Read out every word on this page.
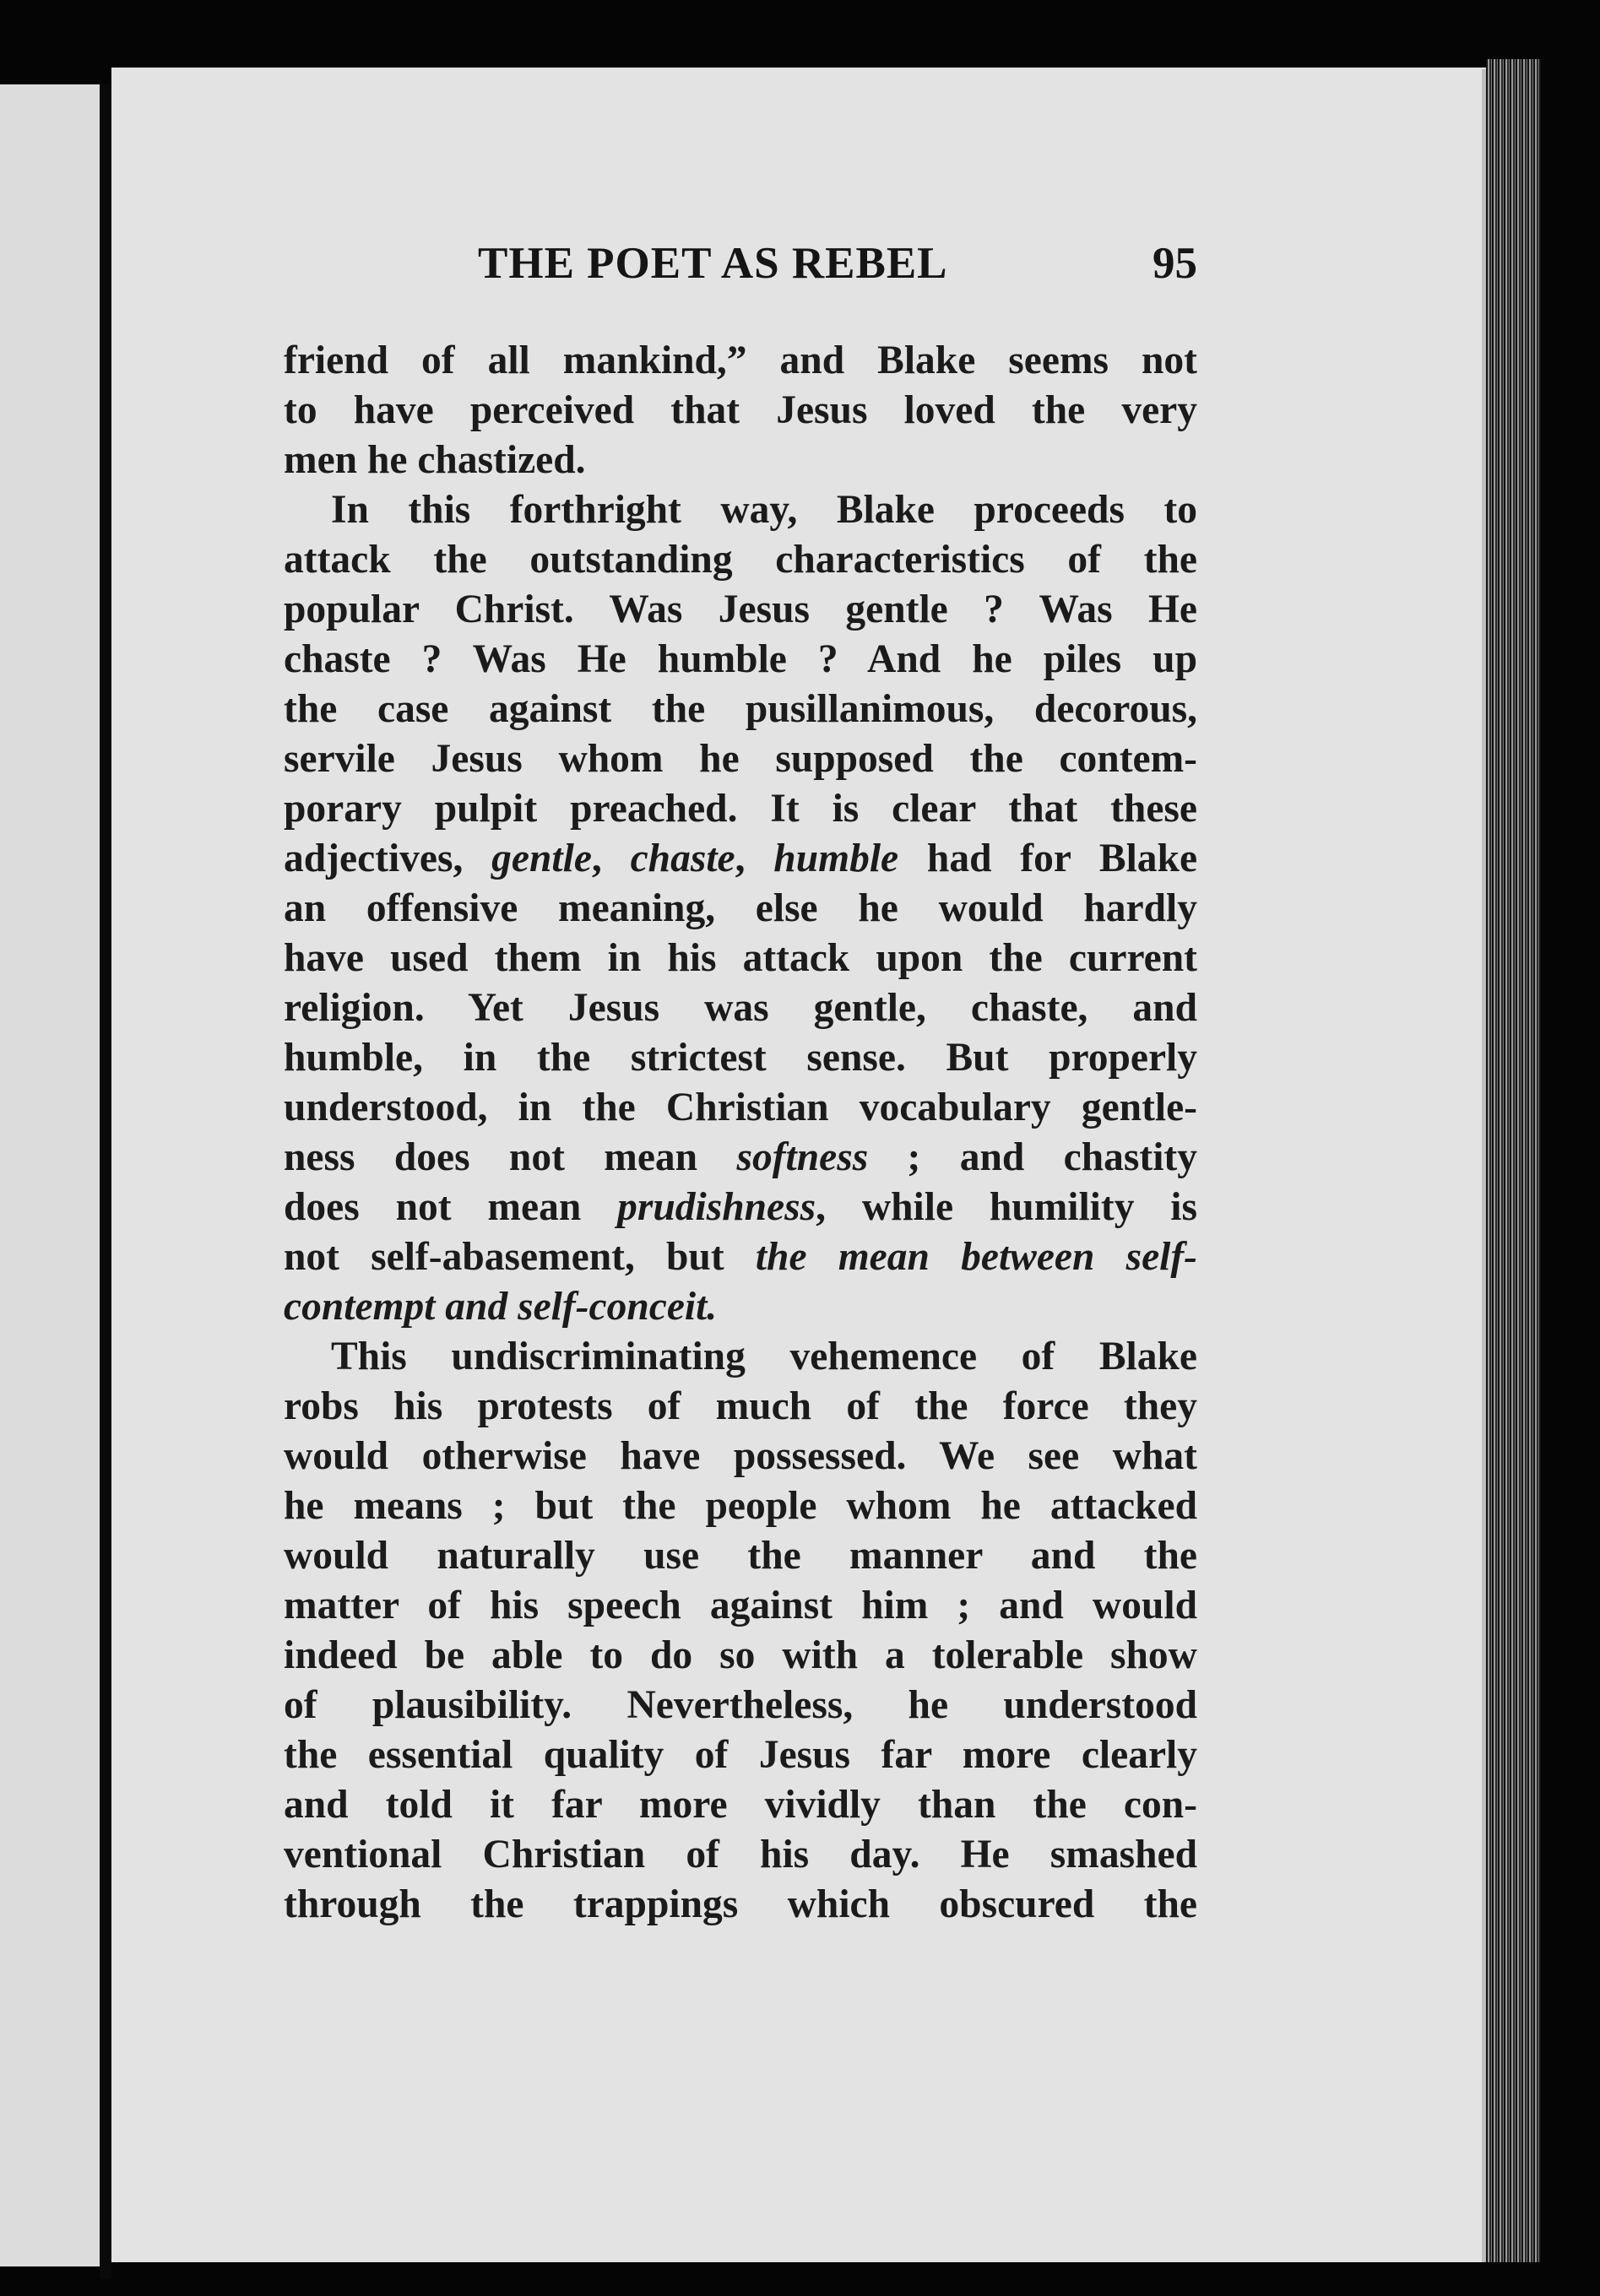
THE POET AS REBEL	95
friend of all mankind,” and Blake seems not
to have perceived that Jesus loved the very
men he chastized.
In this forthright way, Blake proceeds to
attack the outstanding characteristics of the
popular Christ. Was Jesus gentle ? Was He
chaste ? Was He humble ? And he piles up
the case against the pusillanimous, decorous,
servile Jesus whom he supposed the contem-
porary pulpit preached. It is clear that these
adjectives, gentle, chaste, humble had for Blake
an offensive meaning, else he would hardly
have used them in his attack upon the current
religion. Yet Jesus was gentle, chaste, and
humble, in the strictest sense. But properly
understood, in the Christian vocabulary gentle-
ness does not mean softness ; and chastity
does not mean prudishness, while humility is
not self-abasement, but the mean between self-
contempt and self-conceit.
This undiscriminating vehemence of Blake
robs his protests of much of the force they
would otherwise have possessed. We see what
he means ; but the people whom he attacked
would naturally use the manner and the
matter of his speech against him ; and would
indeed be able to do so with a tolerable show
of plausibility. Nevertheless, he understood
the essential quality of Jesus far more clearly
and told it far more vividly than the con-
ventional Christian of his day. He smashed
through the trappings which obscured the
